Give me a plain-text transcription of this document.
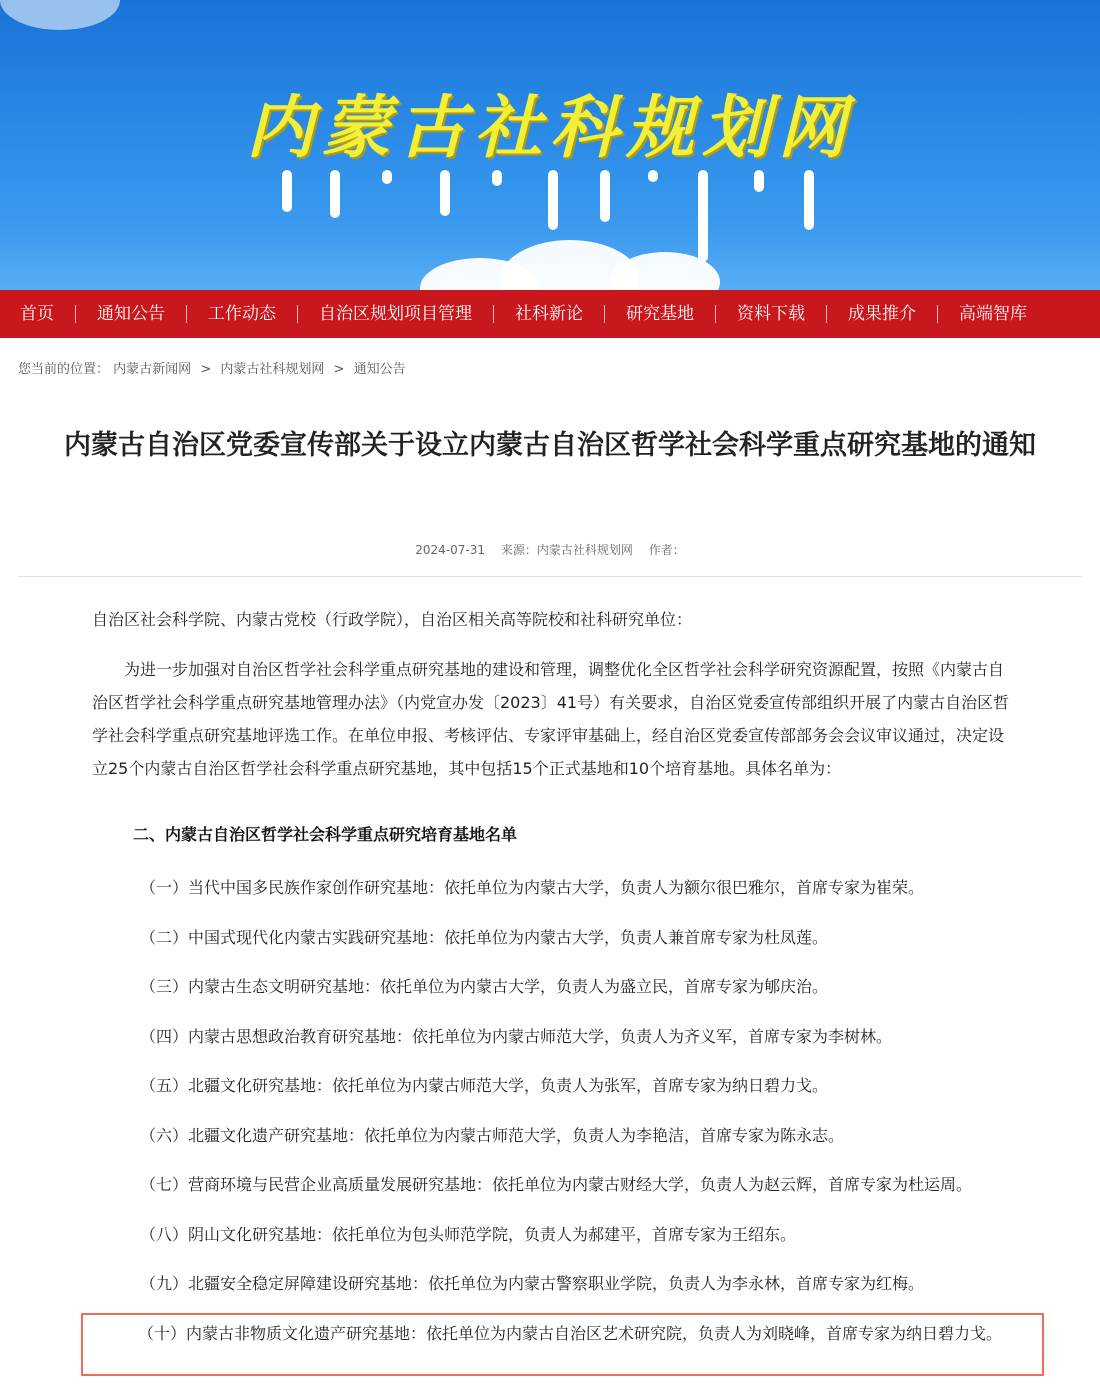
内蒙古社科规划网
首页	通知公告	工作动态	自治区规划项目管理	社科新论	研究基地	资料下载	成果推介	高端智库
您当前的位置： 内蒙古新闻网 > 内蒙古社科规划网 > 通知公告
内蒙古自治区党委宣传部关于设立内蒙古自治区哲学社会科学重点研究基地的通知
2024-07-31 来源：内蒙古社科规划网 作者：
自治区社会科学院、内蒙古党校（行政学院），自治区相关高等院校和社科研究单位：
为进一步加强对自治区哲学社会科学重点研究基地的建设和管理，调整优化全区哲学社会科学研究资源配置，按照《内蒙古自治区哲学社会科学重点研究基地管理办法》（内党宣办发〔2023〕41号）有关要求，自治区党委宣传部组织开展了内蒙古自治区哲学社会科学重点研究基地评选工作。在单位申报、考核评估、专家评审基础上，经自治区党委宣传部部务会会议审议通过，决定设立25个内蒙古自治区哲学社会科学重点研究基地，其中包括15个正式基地和10个培育基地。具体名单为：
二、内蒙古自治区哲学社会科学重点研究培育基地名单
（一）当代中国多民族作家创作研究基地：依托单位为内蒙古大学，负责人为额尔很巴雅尔，首席专家为崔荣。
（二）中国式现代化内蒙古实践研究基地：依托单位为内蒙古大学，负责人兼首席专家为杜凤莲。
（三）内蒙古生态文明研究基地：依托单位为内蒙古大学，负责人为盛立民，首席专家为郇庆治。
（四）内蒙古思想政治教育研究基地：依托单位为内蒙古师范大学，负责人为齐义军，首席专家为李树林。
（五）北疆文化研究基地：依托单位为内蒙古师范大学，负责人为张军，首席专家为纳日碧力戈。
（六）北疆文化遗产研究基地：依托单位为内蒙古师范大学，负责人为李艳洁，首席专家为陈永志。
（七）营商环境与民营企业高质量发展研究基地：依托单位为内蒙古财经大学，负责人为赵云辉，首席专家为杜运周。
（八）阴山文化研究基地：依托单位为包头师范学院，负责人为郝建平，首席专家为王绍东。
（九）北疆安全稳定屏障建设研究基地：依托单位为内蒙古警察职业学院，负责人为李永林，首席专家为红梅。
（十）内蒙古非物质文化遗产研究基地：依托单位为内蒙古自治区艺术研究院，负责人为刘晓峰，首席专家为纳日碧力戈。
